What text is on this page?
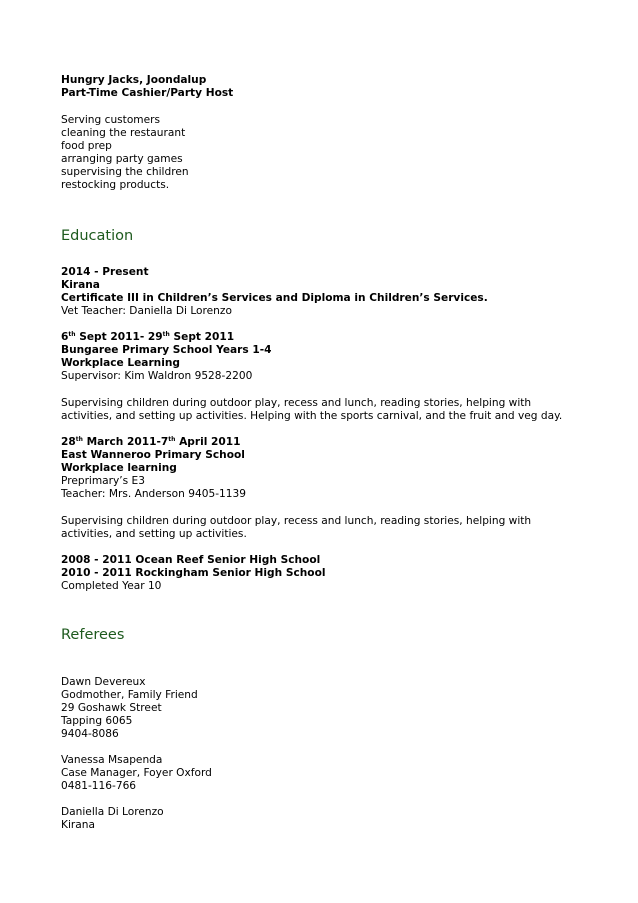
Hungry Jacks, Joondalup
Part-Time Cashier/Party Host
Serving customers
cleaning the restaurant
food prep
arranging party games
supervising the children
restocking products.
Education
2014 - Present
Kirana
Certificate III in Children’s Services and Diploma in Children’s Services.
Vet Teacher: Daniella Di Lorenzo
6th Sept 2011- 29th Sept 2011
Bungaree Primary School Years 1-4
Workplace Learning
Supervisor: Kim Waldron 9528-2200
Supervising children during outdoor play, recess and lunch, reading stories, helping with
activities, and setting up activities. Helping with the sports carnival, and the fruit and veg day.
28th March 2011-7th April 2011
East Wanneroo Primary School
Workplace learning
Preprimary’s E3
Teacher: Mrs. Anderson 9405-1139
Supervising children during outdoor play, recess and lunch, reading stories, helping with
activities, and setting up activities.
2008 - 2011 Ocean Reef Senior High School
2010 - 2011 Rockingham Senior High School
Completed Year 10
Referees
Dawn Devereux
Godmother, Family Friend
29 Goshawk Street
Tapping 6065
9404-8086
Vanessa Msapenda
Case Manager, Foyer Oxford
0481-116-766
Daniella Di Lorenzo
Kirana
